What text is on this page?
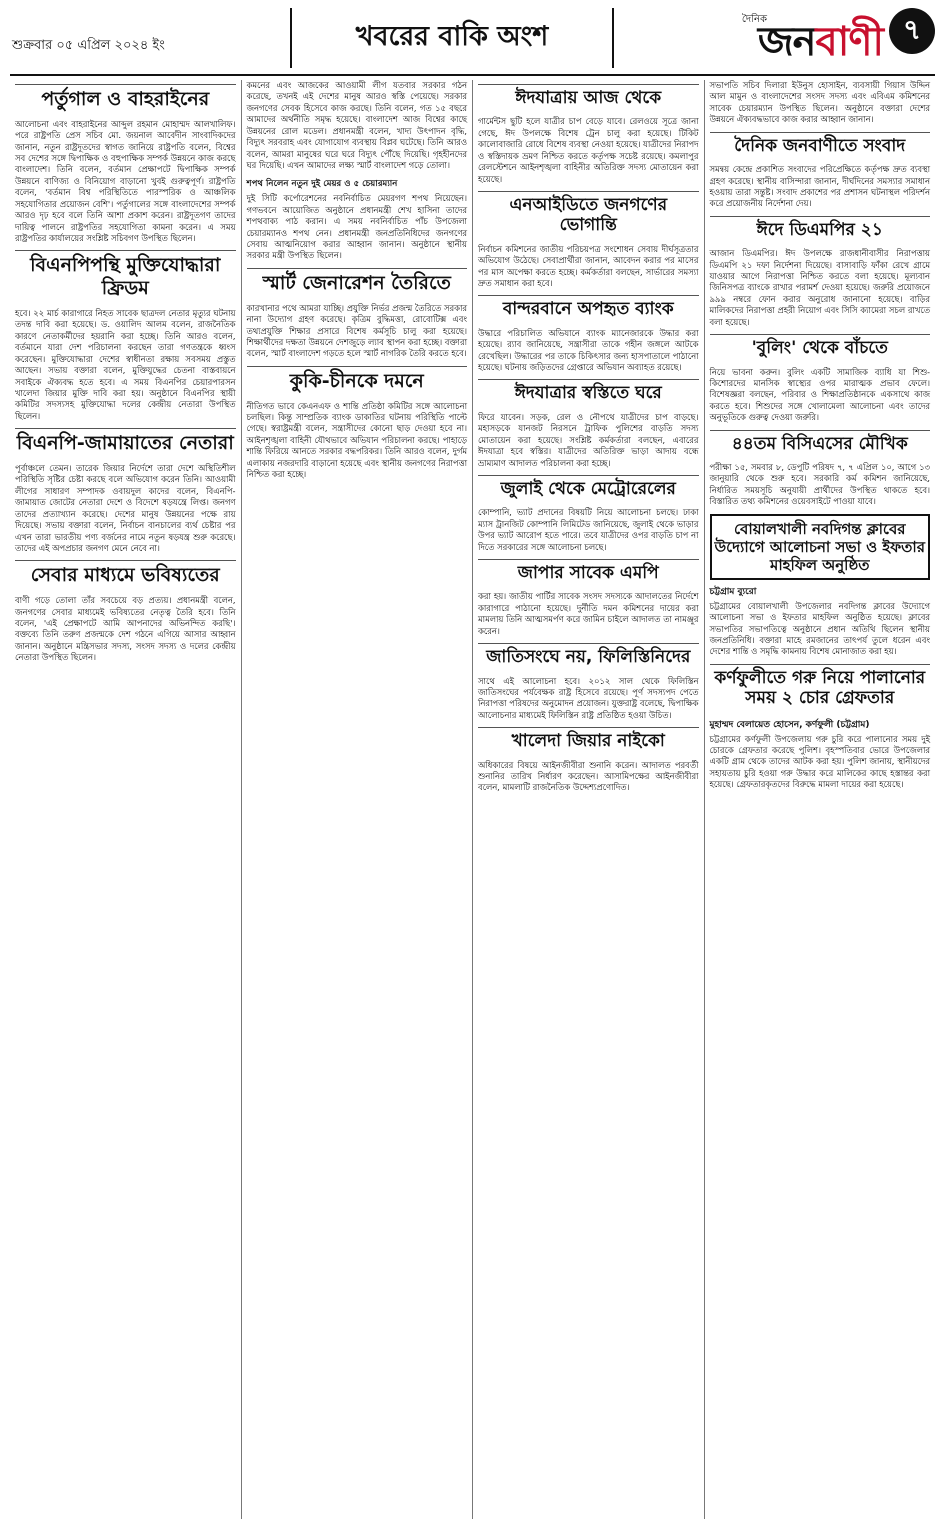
শুক্রবার ০৫ এপ্রিল ২০২৪ ইং	খবরের বাকি অংশ
দৈনিক
জনবাণী ৭
পর্তুগাল ও বাহরাইনের

আলোচনা এবং বাহরাইনের আব্দুল রহমান মোহাম্মদ আলখালিফ। পরে রাষ্ট্রপতি প্রেস সচিব মো. জয়নাল আবেদীন সাংবাদিকদের জানান, নতুন রাষ্ট্রদূতদের স্বাগত জানিয়ে রাষ্ট্রপতি বলেন, বিশ্বের সব দেশের সঙ্গে দ্বিপাক্ষিক ও বহুপাক্ষিক সম্পর্ক উন্নয়নে কাজ করছে বাংলাদেশ। তিনি বলেন, বর্তমান প্রেক্ষাপটে দ্বিপাক্ষিক সম্পর্ক উন্নয়নে বাণিজ্য ও বিনিয়োগ বাড়ানো খুবই গুরুত্বপূর্ণ। রাষ্ট্রপতি বলেন, 'বর্তমান বিশ্ব পরিস্থিতিতে পারস্পরিক ও আঞ্চলিক সহযোগিতার প্রয়োজন বেশি'। পর্তুগালের সঙ্গে বাংলাদেশের সম্পর্ক আরও দৃঢ় হবে বলে তিনি আশা প্রকাশ করেন। রাষ্ট্রদূতগণ তাদের দায়িত্ব পালনে রাষ্ট্রপতির সহযোগিতা কামনা করেন। এ সময় রাষ্ট্রপতির কার্যালয়ের সংশ্লিষ্ট সচিবগণ উপস্থিত ছিলেন।

বিএনপিপন্থি মুক্তিযোদ্ধারা ফ্রিডম

হবে। ২২ মার্চ কারাগারে নিহত সাবেক ছাত্রদল নেতার মৃত্যুর ঘটনায় তদন্ত দাবি করা হয়েছে। ড. ওয়ালিদ আলম বলেন, রাজনৈতিক কারণে নেতাকর্মীদের হয়রানি করা হচ্ছে। তিনি আরও বলেন, বর্তমানে যারা দেশ পরিচালনা করছেন তারা গণতন্ত্রকে ধ্বংস করেছেন। মুক্তিযোদ্ধারা দেশের স্বাধীনতা রক্ষায় সবসময় প্রস্তুত আছেন। সভায় বক্তারা বলেন, মুক্তিযুদ্ধের চেতনা বাস্তবায়নে সবাইকে ঐক্যবদ্ধ হতে হবে। এ সময় বিএনপির চেয়ারপারসন খালেদা জিয়ার মুক্তি দাবি করা হয়। অনুষ্ঠানে বিএনপির স্থায়ী কমিটির সদস্যসহ মুক্তিযোদ্ধা দলের কেন্দ্রীয় নেতারা উপস্থিত ছিলেন।

বিএনপি-জামায়াতের নেতারা

পূর্বাঞ্চলে তেমন। তারেক জিয়ার নির্দেশে তারা দেশে অস্থিতিশীল পরিস্থিতি সৃষ্টির চেষ্টা করছে বলে অভিযোগ করেন তিনি। আওয়ামী লীগের সাধারণ সম্পাদক ওবায়দুল কাদের বলেন, বিএনপি-জামায়াত জোটের নেতারা দেশে ও বিদেশে ষড়যন্ত্রে লিপ্ত। জনগণ তাদের প্রত্যাখ্যান করেছে। দেশের মানুষ উন্নয়নের পক্ষে রায় দিয়েছে। সভায় বক্তারা বলেন, নির্বাচন বানচালের ব্যর্থ চেষ্টার পর এখন তারা ভারতীয় পণ্য বর্জনের নামে নতুন ষড়যন্ত্র শুরু করেছে। তাদের এই অপপ্রচার জনগণ মেনে নেবে না।

সেবার মাধ্যমে ভবিষ্যতের

বাণী গড়ে তোলা তাঁর সবচেয়ে বড় প্রত্যয়। প্রধানমন্ত্রী বলেন, জনগণের সেবার মাধ্যমেই ভবিষ্যতের নেতৃত্ব তৈরি হবে। তিনি বলেন, 'এই প্রেক্ষাপটে আমি আপনাদের অভিনন্দিত করছি'। বক্তব্যে তিনি তরুণ প্রজন্মকে দেশ গঠনে এগিয়ে আসার আহ্বান জানান। অনুষ্ঠানে মন্ত্রিসভার সদস্য, সংসদ সদস্য ও দলের কেন্দ্রীয় নেতারা উপস্থিত ছিলেন।

কমনের এবং আজকের আওয়ামী লীগ যতবার সরকার গঠন করেছে, তখনই এই দেশের মানুষ আরও স্বস্তি পেয়েছে। সরকার জনগণের সেবক হিসেবে কাজ করছে। তিনি বলেন, গত ১৫ বছরে আমাদের অর্থনীতি সমৃদ্ধ হয়েছে। বাংলাদেশ আজ বিশ্বের কাছে উন্নয়নের রোল মডেল। প্রধানমন্ত্রী বলেন, খাদ্য উৎপাদন বৃদ্ধি, বিদ্যুৎ সরবরাহ এবং যোগাযোগ ব্যবস্থায় বিপ্লব ঘটেছে। তিনি আরও বলেন, আমরা মানুষের ঘরে ঘরে বিদ্যুৎ পৌঁছে দিয়েছি। গৃহহীনদের ঘর দিয়েছি। এখন আমাদের লক্ষ্য স্মার্ট বাংলাদেশ গড়ে তোলা।

শপথ নিলেন নতুন দুই মেয়র ও ৫ চেয়ারম্যান

দুই সিটি কর্পোরেশনের নবনির্বাচিত মেয়রগণ শপথ নিয়েছেন। গণভবনে আয়োজিত অনুষ্ঠানে প্রধানমন্ত্রী শেখ হাসিনা তাদের শপথবাক্য পাঠ করান। এ সময় নবনির্বাচিত পাঁচ উপজেলা চেয়ারম্যানও শপথ নেন। প্রধানমন্ত্রী জনপ্রতিনিধিদের জনগণের সেবায় আত্মনিয়োগ করার আহ্বান জানান। অনুষ্ঠানে স্থানীয় সরকার মন্ত্রী উপস্থিত ছিলেন।

স্মার্ট জেনারেশন তৈরিতে

কারখানার পথে আমরা যাচ্ছি। প্রযুক্তি নির্ভর প্রজন্ম তৈরিতে সরকার নানা উদ্যোগ গ্রহণ করেছে। কৃত্রিম বুদ্ধিমত্তা, রোবোটিক্স এবং তথ্যপ্রযুক্তি শিক্ষার প্রসারে বিশেষ কর্মসূচি চালু করা হয়েছে। শিক্ষার্থীদের দক্ষতা উন্নয়নে দেশজুড়ে ল্যাব স্থাপন করা হচ্ছে। বক্তারা বলেন, স্মার্ট বাংলাদেশ গড়তে হলে স্মার্ট নাগরিক তৈরি করতে হবে।

কুকি-চীনকে দমনে

নীতিগত ভাবে কেএনএফ ও শান্তি প্রতিষ্ঠা কমিটির সঙ্গে আলোচনা চলছিল। কিন্তু সাম্প্রতিক ব্যাংক ডাকাতির ঘটনায় পরিস্থিতি পাল্টে গেছে। স্বরাষ্ট্রমন্ত্রী বলেন, সন্ত্রাসীদের কোনো ছাড় দেওয়া হবে না। আইনশৃঙ্খলা বাহিনী যৌথভাবে অভিযান পরিচালনা করছে। পাহাড়ে শান্তি ফিরিয়ে আনতে সরকার বদ্ধপরিকর। তিনি আরও বলেন, দুর্গম এলাকায় নজরদারি বাড়ানো হয়েছে এবং স্থানীয় জনগণের নিরাপত্তা নিশ্চিত করা হচ্ছে।

ঈদযাত্রায় আজ থেকে

গার্মেন্টস ছুটি হলে যাত্রীর চাপ বেড়ে যাবে। রেলওয়ে সূত্রে জানা গেছে, ঈদ উপলক্ষে বিশেষ ট্রেন চালু করা হয়েছে। টিকিট কালোবাজারি রোধে বিশেষ ব্যবস্থা নেওয়া হয়েছে। যাত্রীদের নিরাপদ ও স্বস্তিদায়ক ভ্রমণ নিশ্চিত করতে কর্তৃপক্ষ সচেষ্ট রয়েছে। কমলাপুর রেলস্টেশনে আইনশৃঙ্খলা বাহিনীর অতিরিক্ত সদস্য মোতায়েন করা হয়েছে।

এনআইডিতে জনগণের ভোগান্তি

নির্বাচন কমিশনের জাতীয় পরিচয়পত্র সংশোধন সেবায় দীর্ঘসূত্রতার অভিযোগ উঠেছে। সেবাপ্রার্থীরা জানান, আবেদন করার পর মাসের পর মাস অপেক্ষা করতে হচ্ছে। কর্মকর্তারা বলছেন, সার্ভারের সমস্যা দ্রুত সমাধান করা হবে।

বান্দরবানে অপহৃত ব্যাংক

উদ্ধারে পরিচালিত অভিযানে ব্যাংক ম্যানেজারকে উদ্ধার করা হয়েছে। র‍্যাব জানিয়েছে, সন্ত্রাসীরা তাকে গহীন জঙ্গলে আটকে রেখেছিল। উদ্ধারের পর তাকে চিকিৎসার জন্য হাসপাতালে পাঠানো হয়েছে। ঘটনায় জড়িতদের গ্রেপ্তারে অভিযান অব্যাহত রয়েছে।

ঈদযাত্রার স্বস্তিতে ঘরে

ফিরে যাবেন। সড়ক, রেল ও নৌপথে যাত্রীদের চাপ বাড়ছে। মহাসড়কে যানজট নিরসনে ট্রাফিক পুলিশের বাড়তি সদস্য মোতায়েন করা হয়েছে। সংশ্লিষ্ট কর্মকর্তারা বলছেন, এবারের ঈদযাত্রা হবে স্বস্তির। যাত্রীদের অতিরিক্ত ভাড়া আদায় বন্ধে ভ্রাম্যমাণ আদালত পরিচালনা করা হচ্ছে।

জুলাই থেকে মেট্রোরেলের

কোম্পানি, ভ্যাট প্রদানের বিষয়টি নিয়ে আলোচনা চলছে। ঢাকা ম্যাস ট্রানজিট কোম্পানি লিমিটেড জানিয়েছে, জুলাই থেকে ভাড়ার উপর ভ্যাট আরোপ হতে পারে। তবে যাত্রীদের ওপর বাড়তি চাপ না দিতে সরকারের সঙ্গে আলোচনা চলছে।

জাপার সাবেক এমপি

করা হয়। জাতীয় পার্টির সাবেক সংসদ সদস্যকে আদালতের নির্দেশে কারাগারে পাঠানো হয়েছে। দুর্নীতি দমন কমিশনের দায়ের করা মামলায় তিনি আত্মসমর্পণ করে জামিন চাইলে আদালত তা নামঞ্জুর করেন।

জাতিসংঘে নয়, ফিলিস্তিনিদের

সাথে এই আলোচনা হবে। ২০১২ সাল থেকে ফিলিস্তিন জাতিসংঘের পর্যবেক্ষক রাষ্ট্র হিসেবে রয়েছে। পূর্ণ সদস্যপদ পেতে নিরাপত্তা পরিষদের অনুমোদন প্রয়োজন। যুক্তরাষ্ট্র বলেছে, দ্বিপাক্ষিক আলোচনার মাধ্যমেই ফিলিস্তিন রাষ্ট্র প্রতিষ্ঠিত হওয়া উচিত।

খালেদা জিয়ার নাইকো

অধিকারের বিষয়ে আইনজীবীরা শুনানি করেন। আদালত পরবর্তী শুনানির তারিখ নির্ধারণ করেছেন। আসামিপক্ষের আইনজীবীরা বলেন, মামলাটি রাজনৈতিক উদ্দেশ্যপ্রণোদিত।

সভাপতি সচিব দিলারা ইউনুস হোসাইন, ব্যবসায়ী গিয়াস উদ্দিন আল মামুন ও বাংলাদেশের সংসদ সদস্য এবং এবিএম কমিশনের সাবেক চেয়ারম্যান উপস্থিত ছিলেন। অনুষ্ঠানে বক্তারা দেশের উন্নয়নে ঐক্যবদ্ধভাবে কাজ করার আহ্বান জানান।

দৈনিক জনবাণীতে সংবাদ

সমন্বয় কেন্দ্রে প্রকাশিত সংবাদের পরিপ্রেক্ষিতে কর্তৃপক্ষ দ্রুত ব্যবস্থা গ্রহণ করেছে। স্থানীয় বাসিন্দারা জানান, দীর্ঘদিনের সমস্যার সমাধান হওয়ায় তারা সন্তুষ্ট। সংবাদ প্রকাশের পর প্রশাসন ঘটনাস্থল পরিদর্শন করে প্রয়োজনীয় নির্দেশনা দেয়।

ঈদে ডিএমপির ২১

আজান ডিএমপির। ঈদ উপলক্ষে রাজধানীবাসীর নিরাপত্তায় ডিএমপি ২১ দফা নির্দেশনা দিয়েছে। বাসাবাড়ি ফাঁকা রেখে গ্রামে যাওয়ার আগে নিরাপত্তা নিশ্চিত করতে বলা হয়েছে। মূল্যবান জিনিসপত্র ব্যাংকে রাখার পরামর্শ দেওয়া হয়েছে। জরুরি প্রয়োজনে ৯৯৯ নম্বরে ফোন করার অনুরোধ জানানো হয়েছে। বাড়ির মালিকদের নিরাপত্তা প্রহরী নিয়োগ এবং সিসি ক্যামেরা সচল রাখতে বলা হয়েছে।

'বুলিং' থেকে বাঁচতে

নিয়ে ভাবনা করুন। বুলিং একটি সামাজিক ব্যাধি যা শিশু-কিশোরদের মানসিক স্বাস্থ্যের ওপর মারাত্মক প্রভাব ফেলে। বিশেষজ্ঞরা বলছেন, পরিবার ও শিক্ষাপ্রতিষ্ঠানকে একসাথে কাজ করতে হবে। শিশুদের সঙ্গে খোলামেলা আলোচনা এবং তাদের অনুভূতিকে গুরুত্ব দেওয়া জরুরি।

৪৪তম বিসিএসের মৌখিক

পরীক্ষা ১৫, সমবার ৮, ডেপুটি পরিষদ ৭, ৭ এপ্রিল ১০, আগে ১৩ জানুয়ারি থেকে শুরু হবে। সরকারি কর্ম কমিশন জানিয়েছে, নির্ধারিত সময়সূচি অনুযায়ী প্রার্থীদের উপস্থিত থাকতে হবে। বিস্তারিত তথ্য কমিশনের ওয়েবসাইটে পাওয়া যাবে।

বোয়ালখালী নবদিগন্ত ক্লাবের উদ্যোগে আলোচনা সভা ও ইফতার মাহফিল অনুষ্ঠিত
চট্টগ্রাম ব্যুরো

চট্টগ্রামের বোয়ালখালী উপজেলার নবদিগন্ত ক্লাবের উদ্যোগে আলোচনা সভা ও ইফতার মাহফিল অনুষ্ঠিত হয়েছে। ক্লাবের সভাপতির সভাপতিত্বে অনুষ্ঠানে প্রধান অতিথি ছিলেন স্থানীয় জনপ্রতিনিধি। বক্তারা মাহে রমজানের তাৎপর্য তুলে ধরেন এবং দেশের শান্তি ও সমৃদ্ধি কামনায় বিশেষ মোনাজাত করা হয়।

কর্ণফুলীতে গরু নিয়ে পালানোর সময় ২ চোর গ্রেফতার
মুহাম্মদ বেলায়েত হোসেন, কর্ণফুলী (চট্টগ্রাম)

চট্টগ্রামের কর্ণফুলী উপজেলায় গরু চুরি করে পালানোর সময় দুই চোরকে গ্রেফতার করেছে পুলিশ। বৃহস্পতিবার ভোরে উপজেলার একটি গ্রাম থেকে তাদের আটক করা হয়। পুলিশ জানায়, স্থানীয়দের সহায়তায় চুরি হওয়া গরু উদ্ধার করে মালিকের কাছে হস্তান্তর করা হয়েছে। গ্রেফতারকৃতদের বিরুদ্ধে মামলা দায়ের করা হয়েছে।
